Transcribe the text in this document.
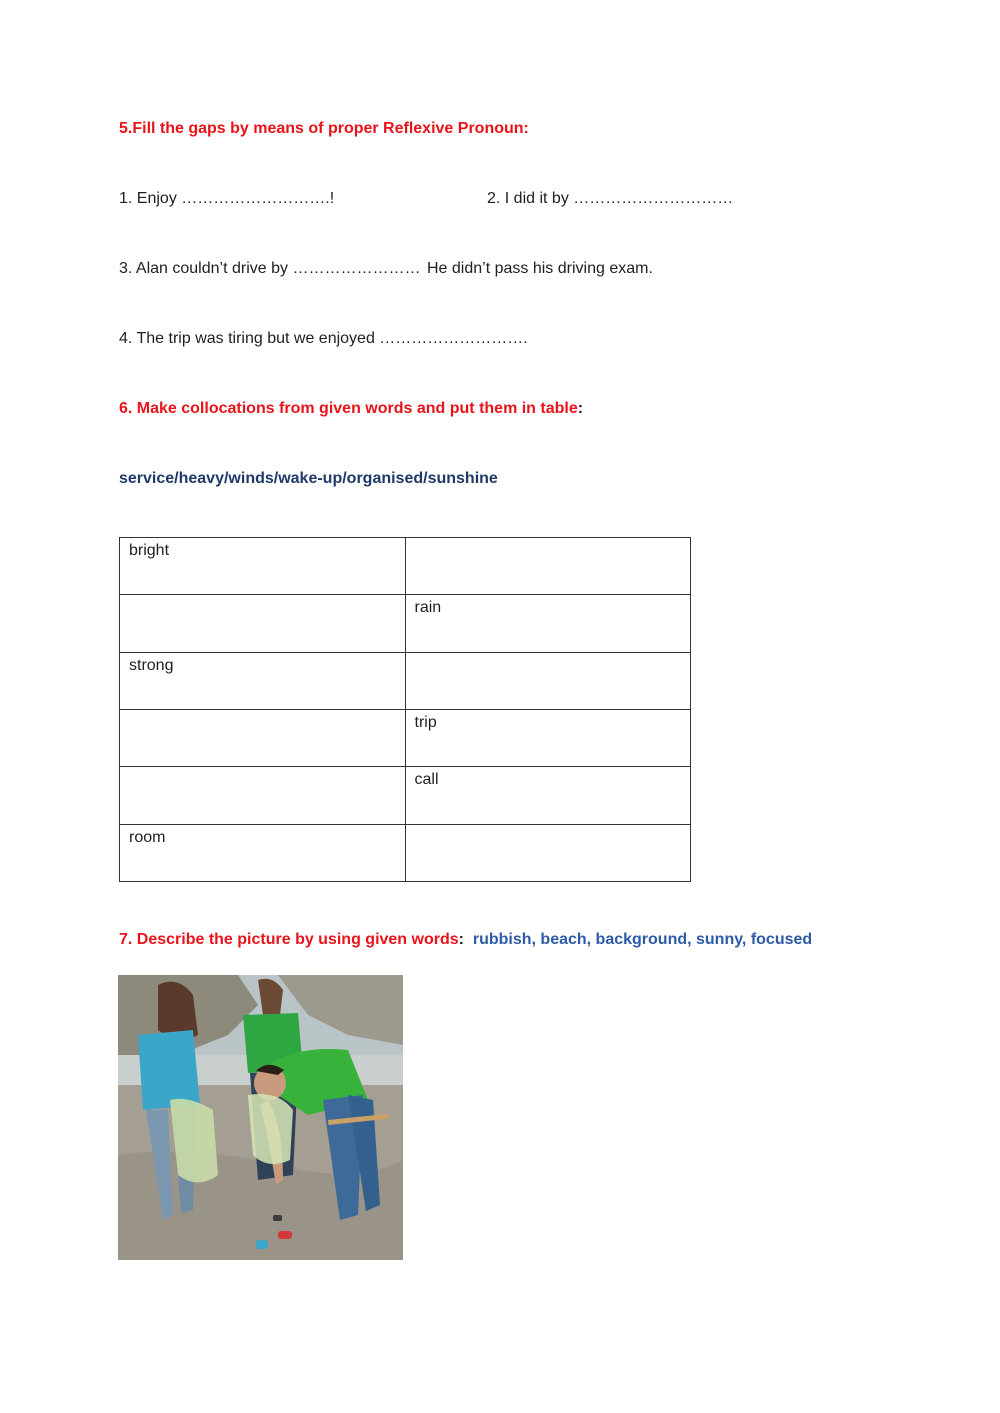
5.Fill the gaps by means of proper Reflexive Pronoun:
1. Enjoy ……………………….!	2. I did it by …………………………
3. Alan couldn’t drive by …………………… He didn’t pass his driving exam.
4. The trip was tiring but we enjoyed ……………………….
6. Make collocations from given words and put them in table:
service/heavy/winds/wake-up/organised/sunshine
bright	
	rain
strong	
	trip
	call
room	
7. Describe the picture by using given words: rubbish, beach, background, sunny, focused
